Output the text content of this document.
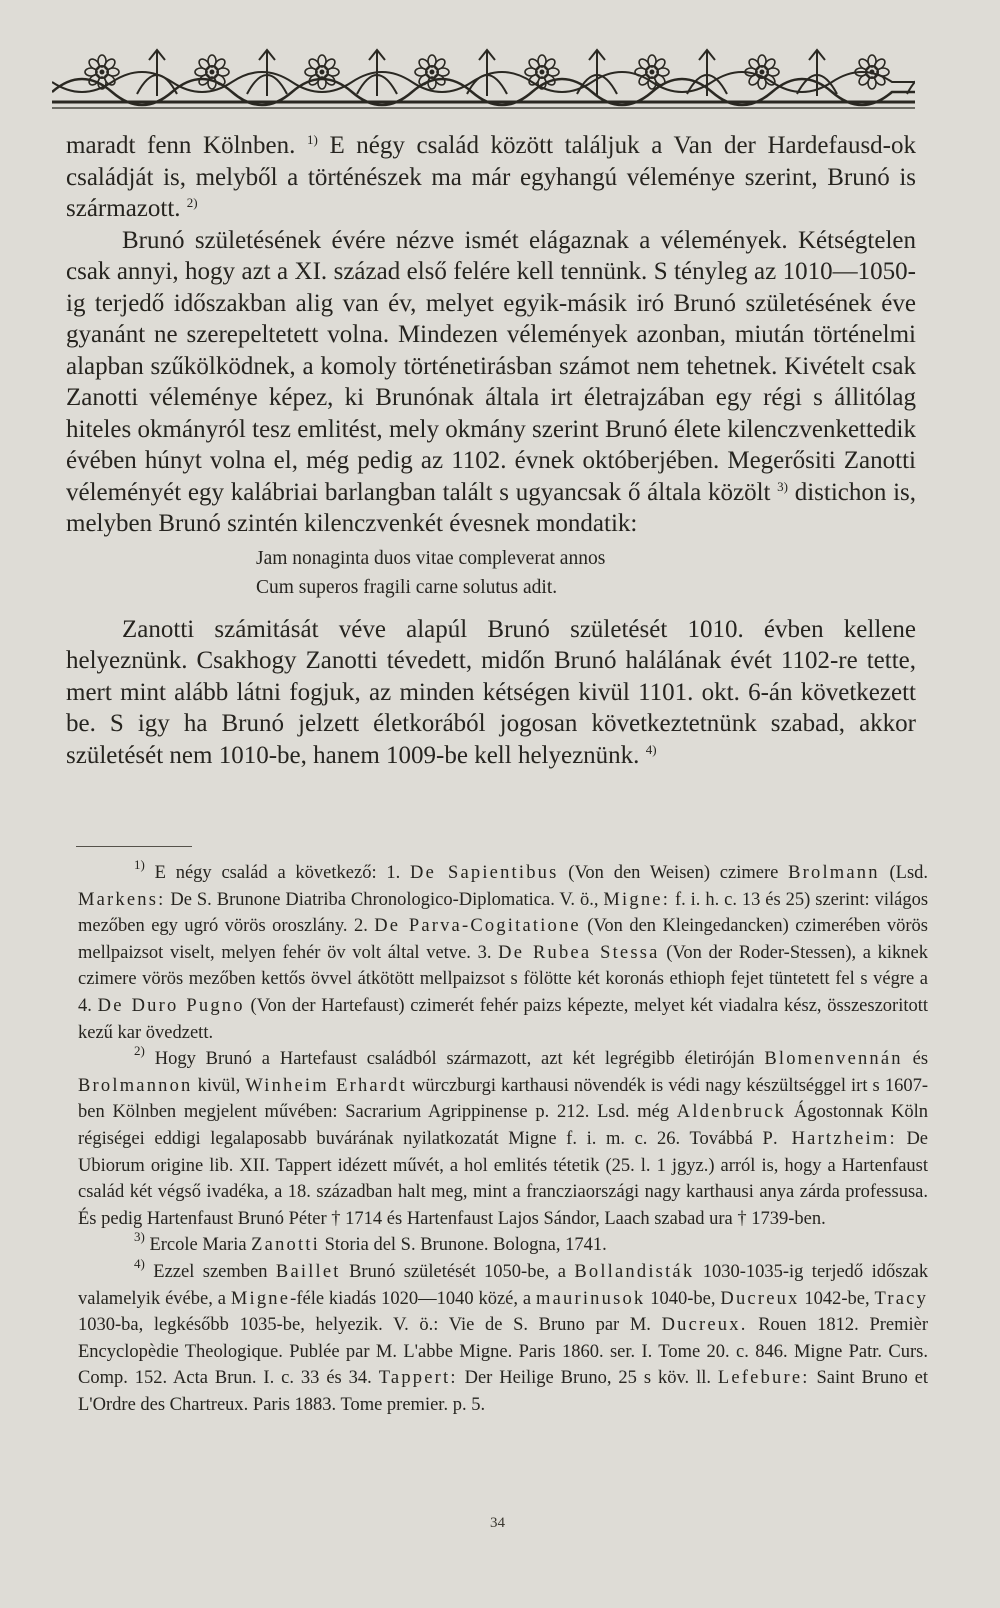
maradt fenn Kölnben. $^{1)}$ E négy család között találjuk a Van der Hardefausd-ok családját is, melyből a történészek ma már egyhangú véleménye szerint, Brunó is származott. $^{2)}$

Brunó születésének évére nézve ismét elágaznak a vélemények. Kétségtelen csak annyi, hogy azt a XI. század első felére kell tennünk. S tényleg az 1010—1050-ig terjedő időszakban alig van év, melyet egyik-másik iró Brunó születésének éve gyanánt ne szerepeltetett volna. Mindezen vélemények azonban, miután történelmi alapban szűkölködnek, a komoly történetirásban számot nem tehetnek. Kivételt csak Zanotti véleménye képez, ki Brunónak általa irt életrajzában egy régi s állitólag hiteles okmányról tesz emlitést, mely okmány szerint Brunó élete kilenczvenkettedik évében húnyt volna el, még pedig az 1102. évnek októberjében. Megerősiti Zanotti véleményét egy kalábriai barlangban talált s ugyancsak ő általa közölt $^{3)}$ distichon is, melyben Brunó szintén kilenczvenkét évesnek mondatik:

Jam nonaginta duos vitae compleverat annos
Cum superos fragili carne solutus adit.

Zanotti számitását véve alapúl Brunó születését 1010. évben kellene helyeznünk. Csakhogy Zanotti tévedett, midőn Brunó halálának évét 1102-re tette, mert mint alább látni fogjuk, az minden kétségen kivül 1101. okt. 6-án következett be. S igy ha Brunó jelzett életkorából jogosan következtetnünk szabad, akkor születését nem 1010-be, hanem 1009-be kell helyeznünk. $^{4)}$

$^{1)}$ E négy család a következő: 1. De Sapientibus (Von den Weisen) czimere Brolmann (Lsd. Markens: De S. Brunone Diatriba Chronologico-Diplomatica. V. ö., Migne: f. i. h. c. 13 és 25) szerint: világos mezőben egy ugró vörös oroszlány. 2. De Parva-Cogitatione (Von den Kleingedancken) czimerében vörös mellpaizsot viselt, melyen fehér öv volt által vetve. 3. De Rubea Stessa (Von der Roder-Stessen), a kiknek czimere vörös mezőben kettős övvel átkötött mellpaizsot s fölötte két koronás ethioph fejet tüntetett fel s végre a 4. De Duro Pugno (Von der Hartefaust) czimerét fehér paizs képezte, melyet két viadalra kész, összeszoritott kezű kar övedzett.

$^{2)}$ Hogy Brunó a Hartefaust családból származott, azt két legrégibb életiróján Blomenvennán és Brolmannon kivül, Winheim Erhardt würczburgi karthausi növendék is védi nagy készültséggel irt s 1607-ben Kölnben megjelent művében: Sacrarium Agrippinense p. 212. Lsd. még Aldenbruck Ágostonnak Köln régiségei eddigi legalaposabb buvárának nyilatkozatát Migne f. i. m. c. 26. Továbbá P. Hartzheim: De Ubiorum origine lib. XII. Tappert idézett művét, a hol emlités tétetik (25. l. 1 jgyz.) arról is, hogy a Hartenfaust család két végső ivadéka, a 18. században halt meg, mint a francziaországi nagy karthausi anya zárda professusa. És pedig Hartenfaust Brunó Péter † 1714 és Hartenfaust Lajos Sándor, Laach szabad ura † 1739-ben.

$^{3)}$ Ercole Maria Zanotti Storia del S. Brunone. Bologna, 1741.

$^{4)}$ Ezzel szemben Baillet Brunó születését 1050-be, a Bollandisták 1030-1035-ig terjedő időszak valamelyik évébe, a Migne-féle kiadás 1020—1040 közé, a maurinusok 1040-be, Ducreux 1042-be, Tracy 1030-ba, legkésőbb 1035-be, helyezik. V. ö.: Vie de S. Bruno par M. Ducreux. Rouen 1812. Premièr Encyclopèdie Theologique. Publée par M. L'abbe Migne. Paris 1860. ser. I. Tome 20. c. 846. Migne Patr. Curs. Comp. 152. Acta Brun. I. c. 33 és 34. Tappert: Der Heilige Bruno, 25 s köv. ll. Lefebure: Saint Bruno et L'Ordre des Chartreux. Paris 1883. Tome premier. p. 5.

34
